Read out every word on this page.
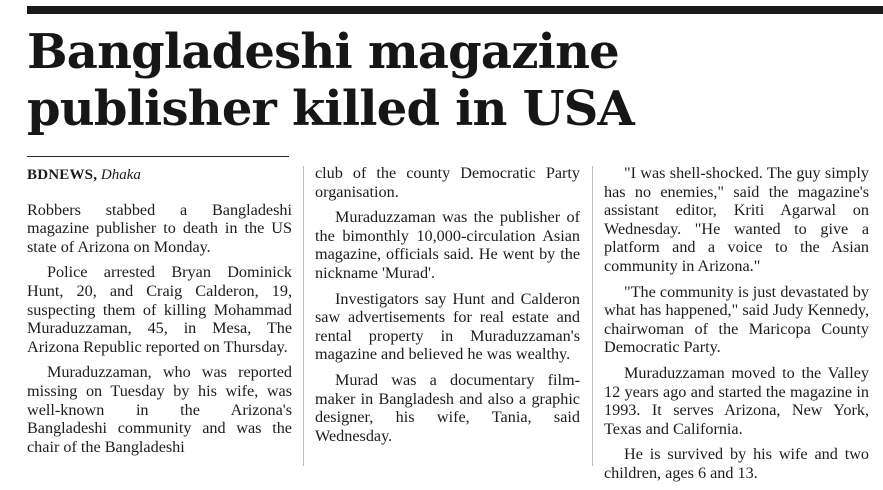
Bangladeshi magazine publisher killed in USA
BDNEWS, Dhaka

Robbers stabbed a Bangladeshi magazine publisher to death in the US state of Arizona on Monday.

Police arrested Bryan Dominick Hunt, 20, and Craig Calderon, 19, suspecting them of killing Mohammad Muraduzzaman, 45, in Mesa, The Arizona Republic reported on Thursday.

Muraduzzaman, who was reported missing on Tuesday by his wife, was well-known in the Arizona's Bangladeshi community and was the chair of the Bangladeshi

club of the county Democratic Party organisation.

Muraduzzaman was the publisher of the bimonthly 10,000-circulation Asian magazine, officials said. He went by the nickname 'Murad'.

Investigators say Hunt and Calderon saw advertisements for real estate and rental property in Muraduzzaman's magazine and believed he was wealthy.

Murad was a documentary film-maker in Bangladesh and also a graphic designer, his wife, Tania, said Wednesday.

"I was shell-shocked. The guy simply has no enemies," said the magazine's assistant editor, Kriti Agarwal on Wednesday. "He wanted to give a platform and a voice to the Asian community in Arizona."

"The community is just devastated by what has happened," said Judy Kennedy, chairwoman of the Maricopa County Democratic Party.

Muraduzzaman moved to the Valley 12 years ago and started the magazine in 1993. It serves Arizona, New York, Texas and California.

He is survived by his wife and two children, ages 6 and 13.
